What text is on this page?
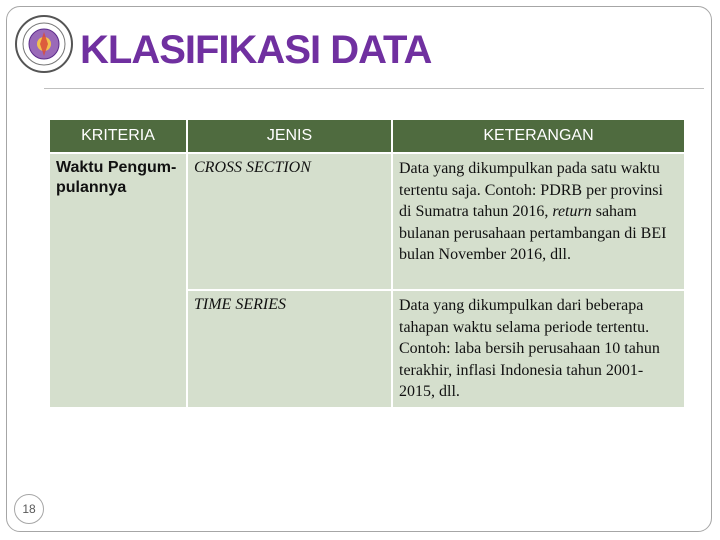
KLASIFIKASI DATA
KRITERIA	JENIS	KETERANGAN
Waktu Pengum-pulannya	CROSS SECTION	Data yang dikumpulkan pada satu waktu tertentu saja. Contoh: PDRB per provinsi di Sumatra tahun 2016, return saham bulanan perusahaan pertambangan di BEI bulan November 2016, dll.
	TIME SERIES	Data yang dikumpulkan dari beberapa tahapan waktu selama periode tertentu. Contoh: laba bersih perusahaan 10 tahun terakhir, inflasi Indonesia tahun 2001-2015, dll.
18
